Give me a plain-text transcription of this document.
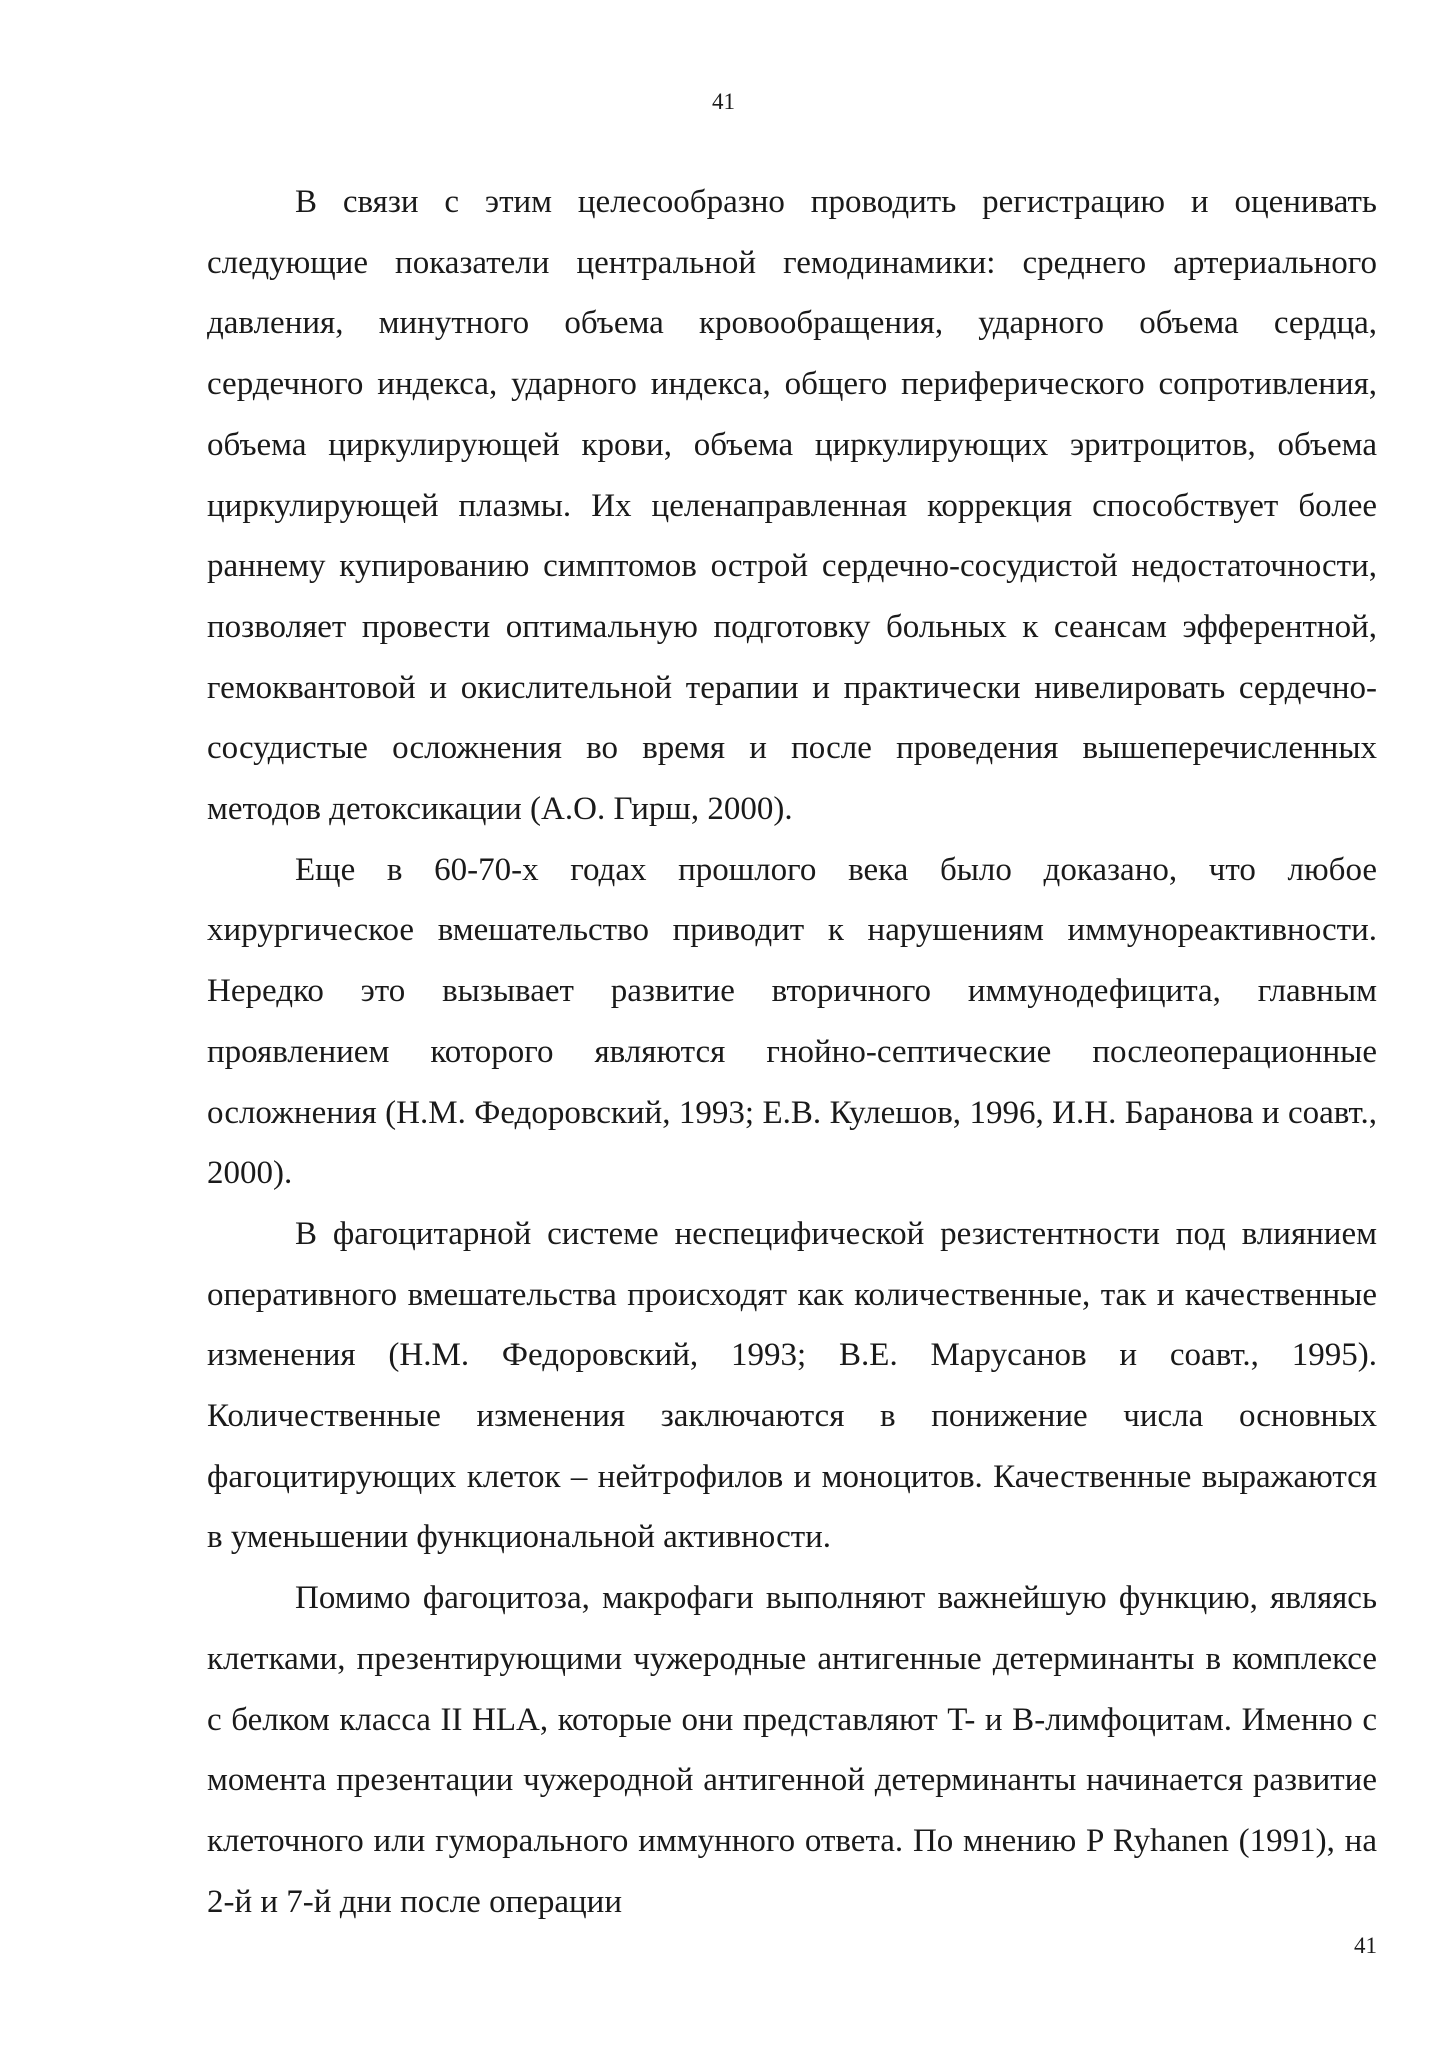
41

В связи с этим целесообразно проводить регистрацию и оценивать следующие показатели центральной гемодинамики: среднего артериального давления, минутного объема кровообращения, ударного объема сердца, сердечного индекса, ударного индекса, общего периферического сопротивления, объема циркулирующей крови, объема циркулирующих эритроцитов, объема циркулирующей плазмы. Их целенаправленная коррекция способствует более раннему купированию симптомов острой сердечно-сосудистой недостаточности, позволяет провести оптимальную подготовку больных к сеансам эфферентной, гемоквантовой и окислительной терапии и практически нивелировать сердечно-сосудистые осложнения во время и после проведения вышеперечисленных методов детоксикации (А.О. Гирш, 2000).

Еще в 60-70-х годах прошлого века было доказано, что любое хирургическое вмешательство приводит к нарушениям иммунореактивности. Нередко это вызывает развитие вторичного иммунодефицита, главным проявлением которого являются гнойно-септические послеоперационные осложнения (Н.М. Федоровский, 1993; Е.В. Кулешов, 1996, И.Н. Баранова и соавт., 2000).

В фагоцитарной системе неспецифической резистентности под влиянием оперативного вмешательства происходят как количественные, так и качественные изменения (Н.М. Федоровский, 1993; В.Е. Марусанов и соавт., 1995). Количественные изменения заключаются в понижение числа основных фагоцитирующих клеток – нейтрофилов и моноцитов. Качественные выражаются в уменьшении функциональной активности.

Помимо фагоцитоза, макрофаги выполняют важнейшую функцию, являясь клетками, презентирующими чужеродные антигенные детерминанты в комплексе с белком класса II HLA, которые они представляют T- и B-лимфоцитам. Именно с момента презентации чужеродной антигенной детерминанты начинается развитие клеточного или гуморального иммунного ответа. По мнению P Ryhanen (1991), на 2-й и 7-й дни после операции

41
